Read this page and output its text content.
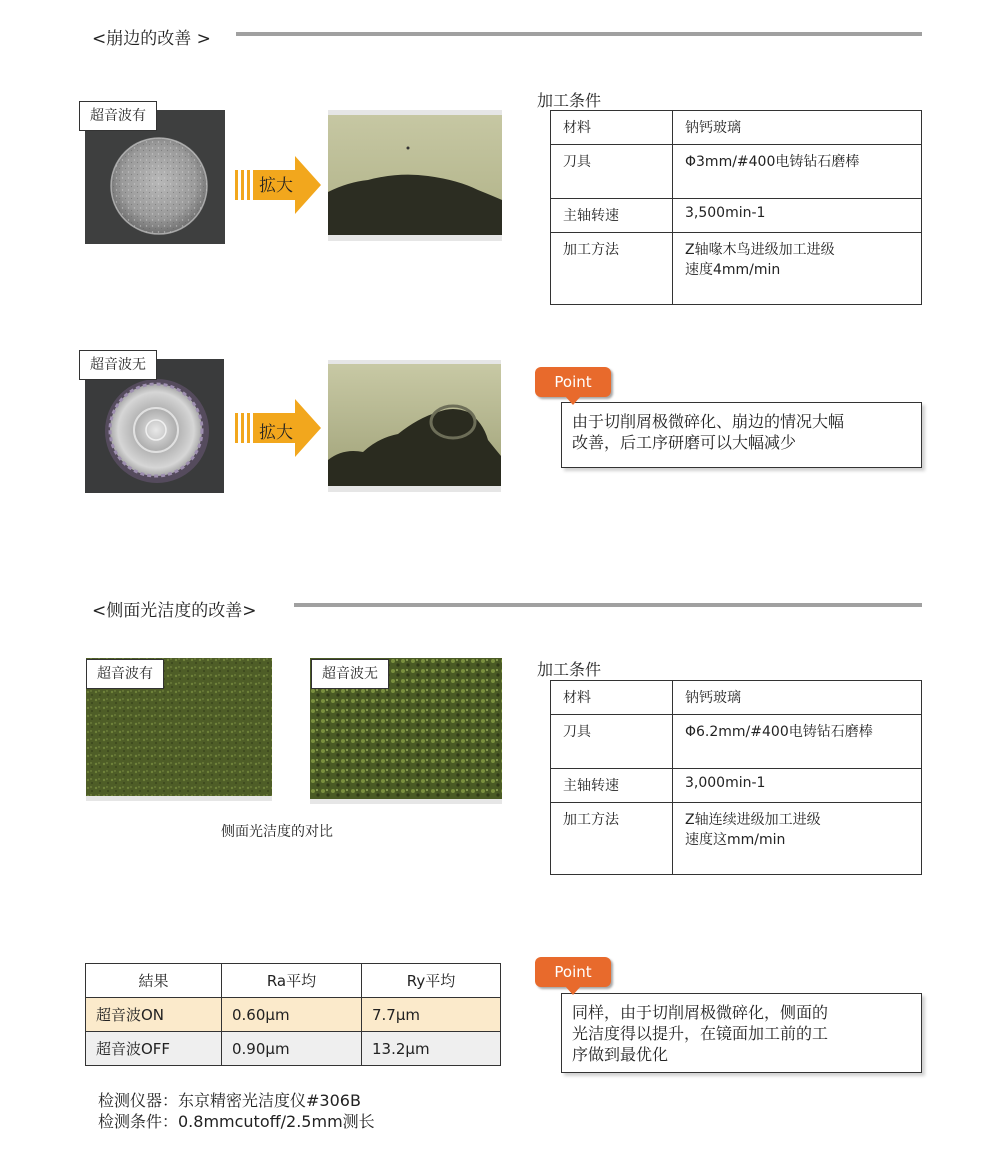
<崩边的改善 >
超音波有
拡大
超音波无
拡大
加工条件
材料	钠钙玻璃
刀具	Φ3mm/#400电铸钻石磨棒
主轴转速	3,500min-1
加工方法	Z轴喙木鸟进级加工进级
速度4mm/min
Point
由于切削屑极微碎化、崩边的情况大幅
改善，后工序研磨可以大幅减少
<侧面光洁度的改善>
超音波有	超音波无
侧面光洁度的对比
加工条件
材料	钠钙玻璃
刀具	Φ6.2mm/#400电铸钻石磨棒
主轴转速	3,000min-1
加工方法	Z轴连续进级加工进级
速度这mm/min
結果	Ra平均	Ry平均
超音波ON	0.60μm	7.7μm
超音波OFF	0.90μm	13.2μm
检测仪器：东京精密光洁度仪#306B
检测条件：0.8mmcutoff/2.5mm测长
Point
同样，由于切削屑极微碎化，侧面的
光洁度得以提升，在镜面加工前的工
序做到最优化
